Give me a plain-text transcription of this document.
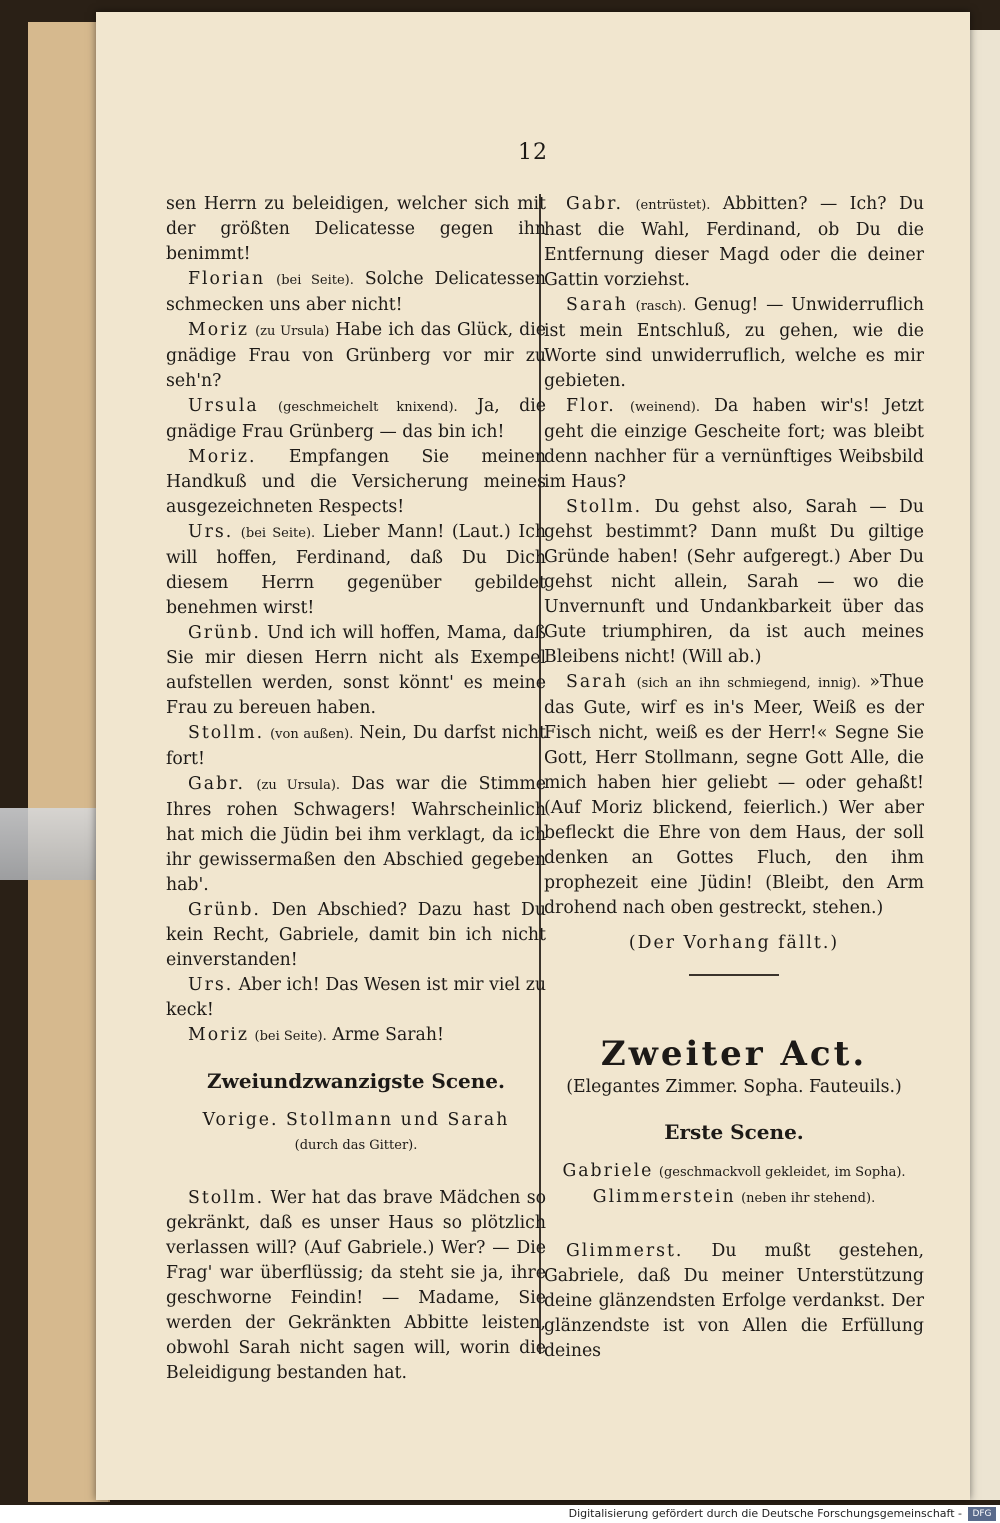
12

sen Herrn zu beleidigen, welcher sich mit der größten Delicatesse gegen ihn benimmt!

Florian (bei Seite). Solche Delicatessen schmecken uns aber nicht!

Moriz (zu Ursula) Habe ich das Glück, die gnädige Frau von Grünberg vor mir zu seh'n?

Ursula (geschmeichelt knixend). Ja, die gnädige Frau Grünberg — das bin ich!

Moriz. Empfangen Sie meinen Handkuß und die Versicherung meines ausgezeichneten Respects!

Urs. (bei Seite). Lieber Mann! (Laut.) Ich will hoffen, Ferdinand, daß Du Dich diesem Herrn gegenüber gebildet benehmen wirst!

Grünb. Und ich will hoffen, Mama, daß Sie mir diesen Herrn nicht als Exempel aufstellen werden, sonst könnt' es meine Frau zu bereuen haben.

Stollm. (von außen). Nein, Du darfst nicht fort!

Gabr. (zu Ursula). Das war die Stimme Ihres rohen Schwagers! Wahrscheinlich hat mich die Jüdin bei ihm verklagt, da ich ihr gewissermaßen den Abschied gegeben hab'.

Grünb. Den Abschied? Dazu hast Du kein Recht, Gabriele, damit bin ich nicht einverstanden!

Urs. Aber ich! Das Wesen ist mir viel zu keck!

Moriz (bei Seite). Arme Sarah!

Zweiundzwanzigste Scene.

Vorige. Stollmann und Sarah

(durch das Gitter).

Stollm. Wer hat das brave Mädchen so gekränkt, daß es unser Haus so plötzlich verlassen will? (Auf Gabriele.) Wer? — Die Frag' war überflüssig; da steht sie ja, ihre geschworne Feindin! — Madame, Sie werden der Gekränkten Abbitte leisten, obwohl Sarah nicht sagen will, worin die Beleidigung bestanden hat.

Gabr. (entrüstet). Abbitten? — Ich? Du hast die Wahl, Ferdinand, ob Du die Entfernung dieser Magd oder die deiner Gattin vorziehst.

Sarah (rasch). Genug! — Unwiderruflich ist mein Entschluß, zu gehen, wie die Worte sind unwiderruflich, welche es mir gebieten.

Flor. (weinend). Da haben wir's! Jetzt geht die einzige Gescheite fort; was bleibt denn nachher für a vernünftiges Weibsbild im Haus?

Stollm. Du gehst also, Sarah — Du gehst bestimmt? Dann mußt Du giltige Gründe haben! (Sehr aufgeregt.) Aber Du gehst nicht allein, Sarah — wo die Unvernunft und Undankbarkeit über das Gute triumphiren, da ist auch meines Bleibens nicht! (Will ab.)

Sarah (sich an ihn schmiegend, innig). »Thue das Gute, wirf es in's Meer, Weiß es der Fisch nicht, weiß es der Herr!« Segne Sie Gott, Herr Stollmann, segne Gott Alle, die mich haben hier geliebt — oder gehaßt! (Auf Moriz blickend, feierlich.) Wer aber befleckt die Ehre von dem Haus, der soll denken an Gottes Fluch, den ihm prophezeit eine Jüdin! (Bleibt, den Arm drohend nach oben gestreckt, stehen.)

(Der Vorhang fällt.)

Zweiter Act.

(Elegantes Zimmer. Sopha. Fauteuils.)

Erste Scene.

Gabriele (geschmackvoll gekleidet, im Sopha).

Glimmerstein (neben ihr stehend).

Glimmerst. Du mußt gestehen, Gabriele, daß Du meiner Unterstützung deine glänzendsten Erfolge verdankst. Der glänzendste ist von Allen die Erfüllung deines

Digitalisierung gefördert durch die Deutsche Forschungsgemeinschaft - DFG
